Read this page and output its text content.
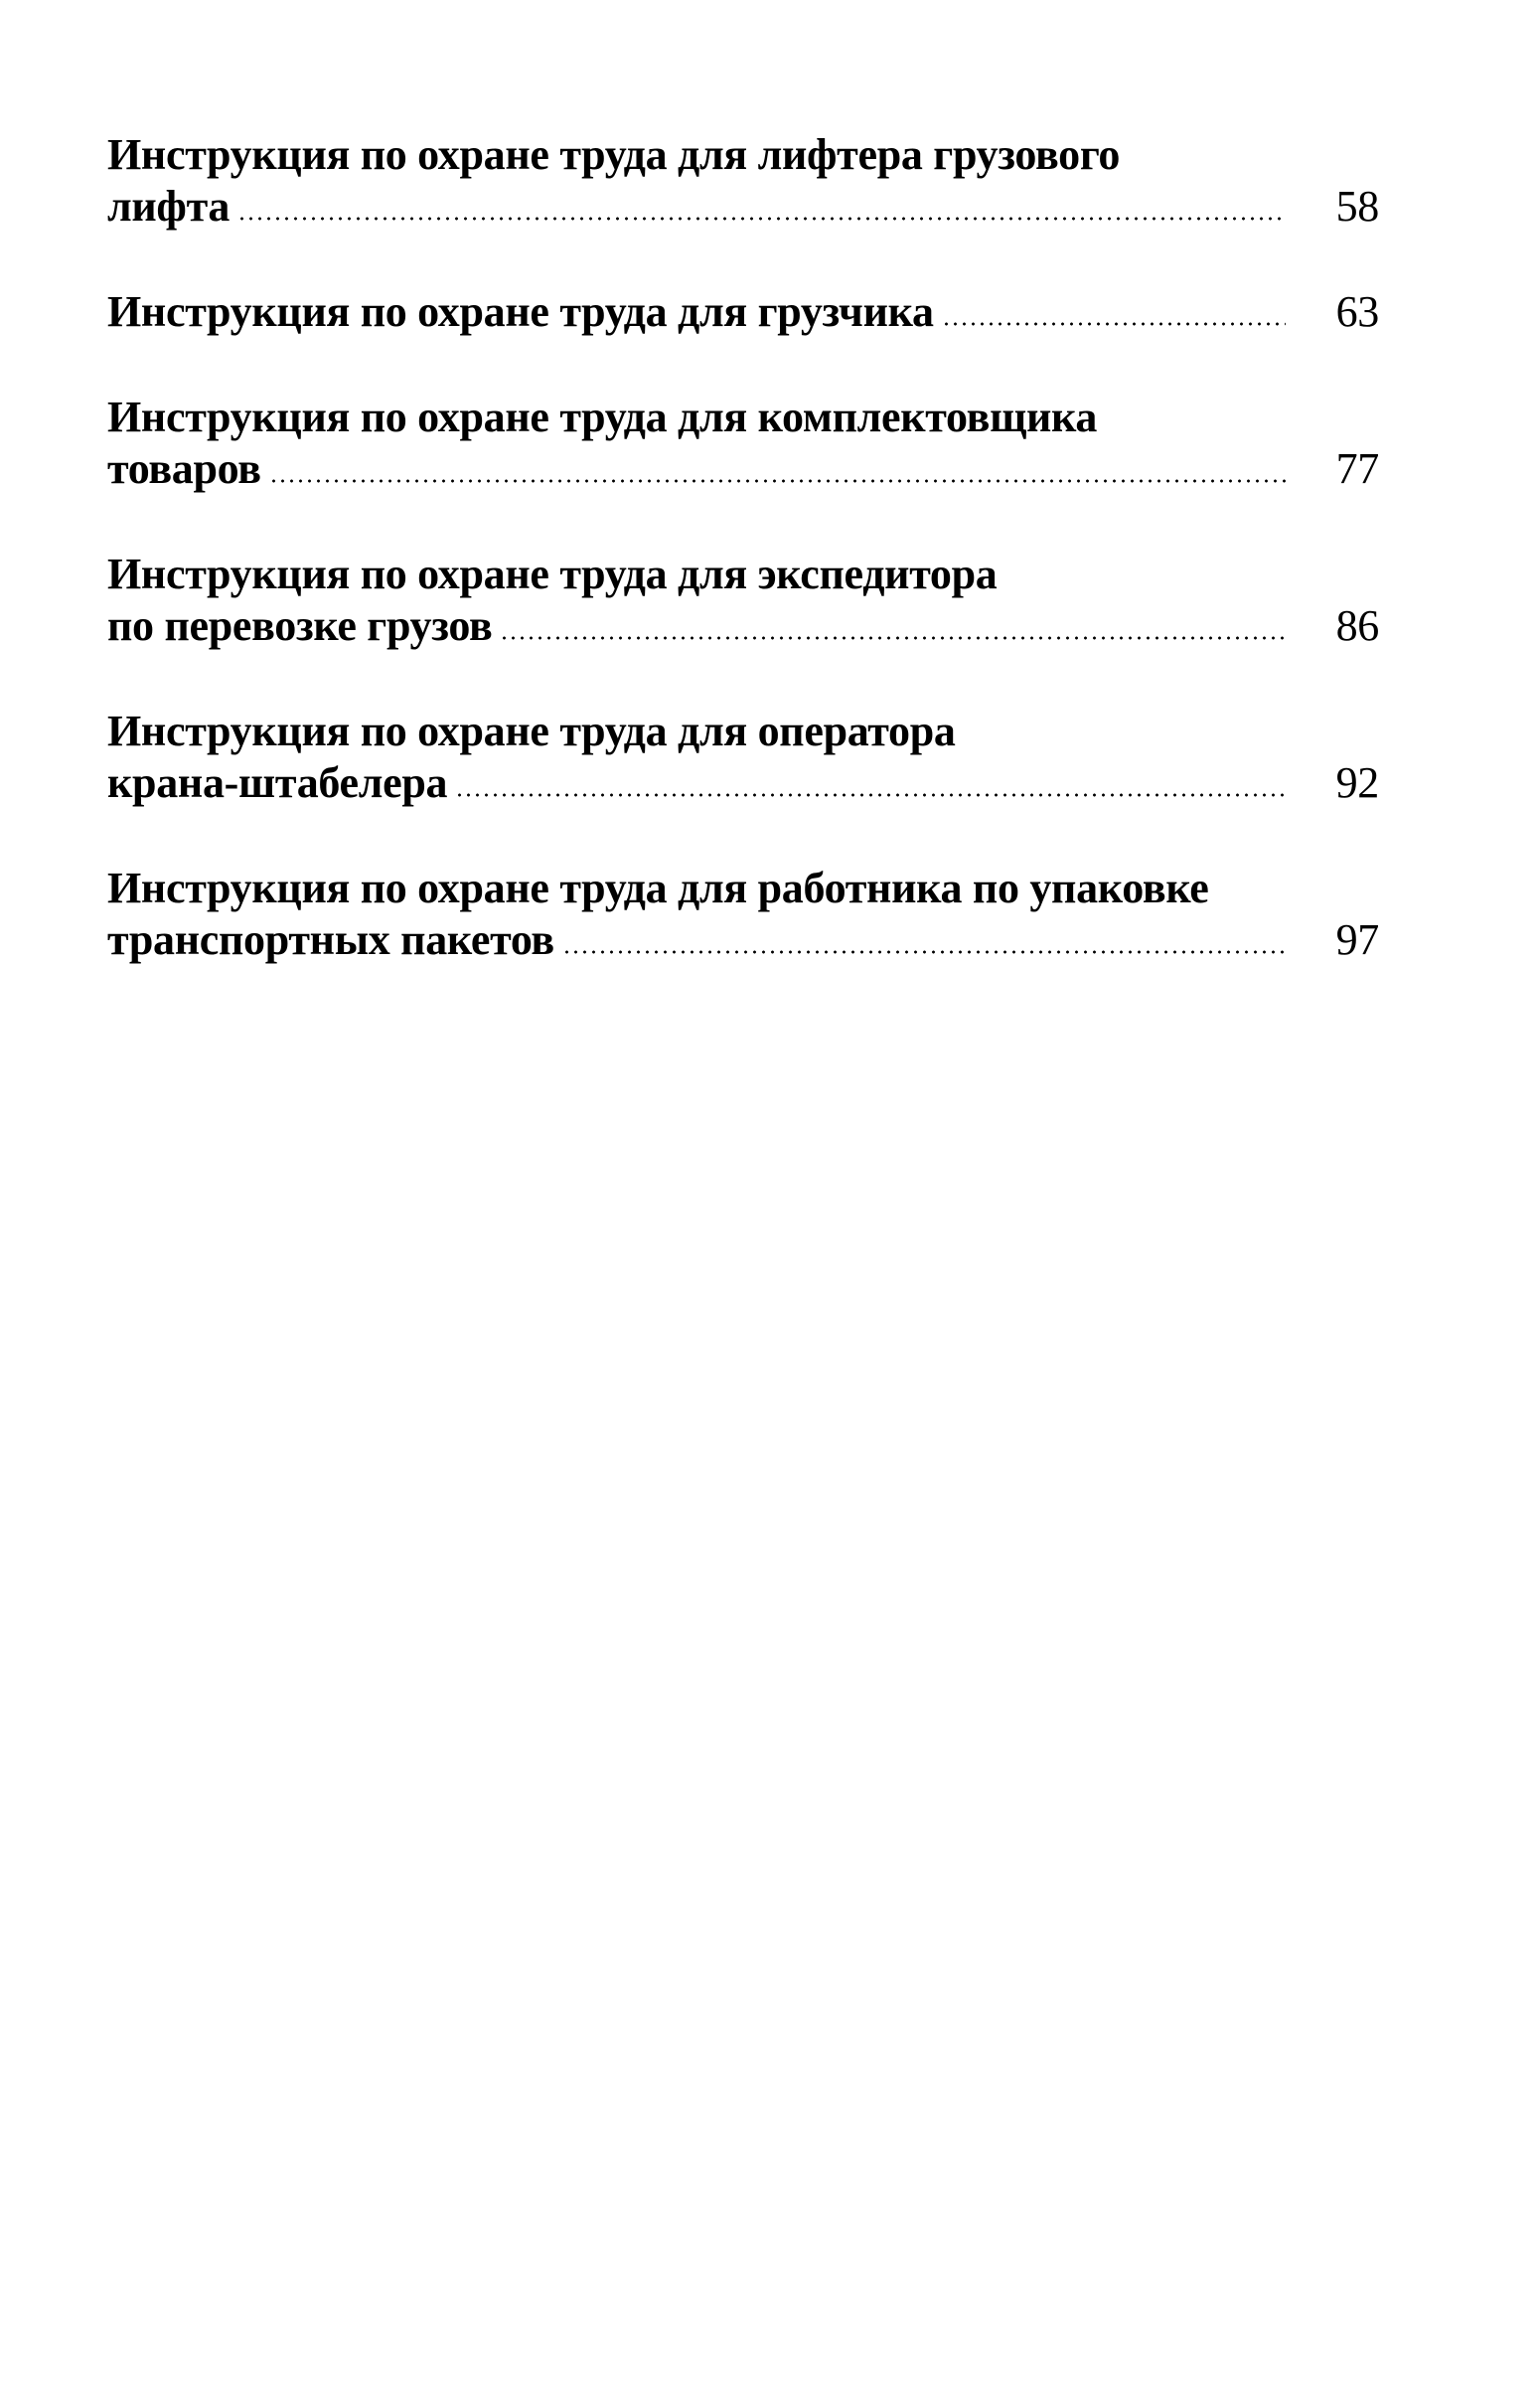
Инструкция по охране труда для лифтера грузового
лифта	58
Инструкция по охране труда для грузчика	63
Инструкция по охране труда для комплектовщика
товаров	77
Инструкция по охране труда для экспедитора
по перевозке грузов	86
Инструкция по охране труда для оператора
крана-штабелера	92
Инструкция по охране труда для работника по упаковке
транспортных пакетов	97
